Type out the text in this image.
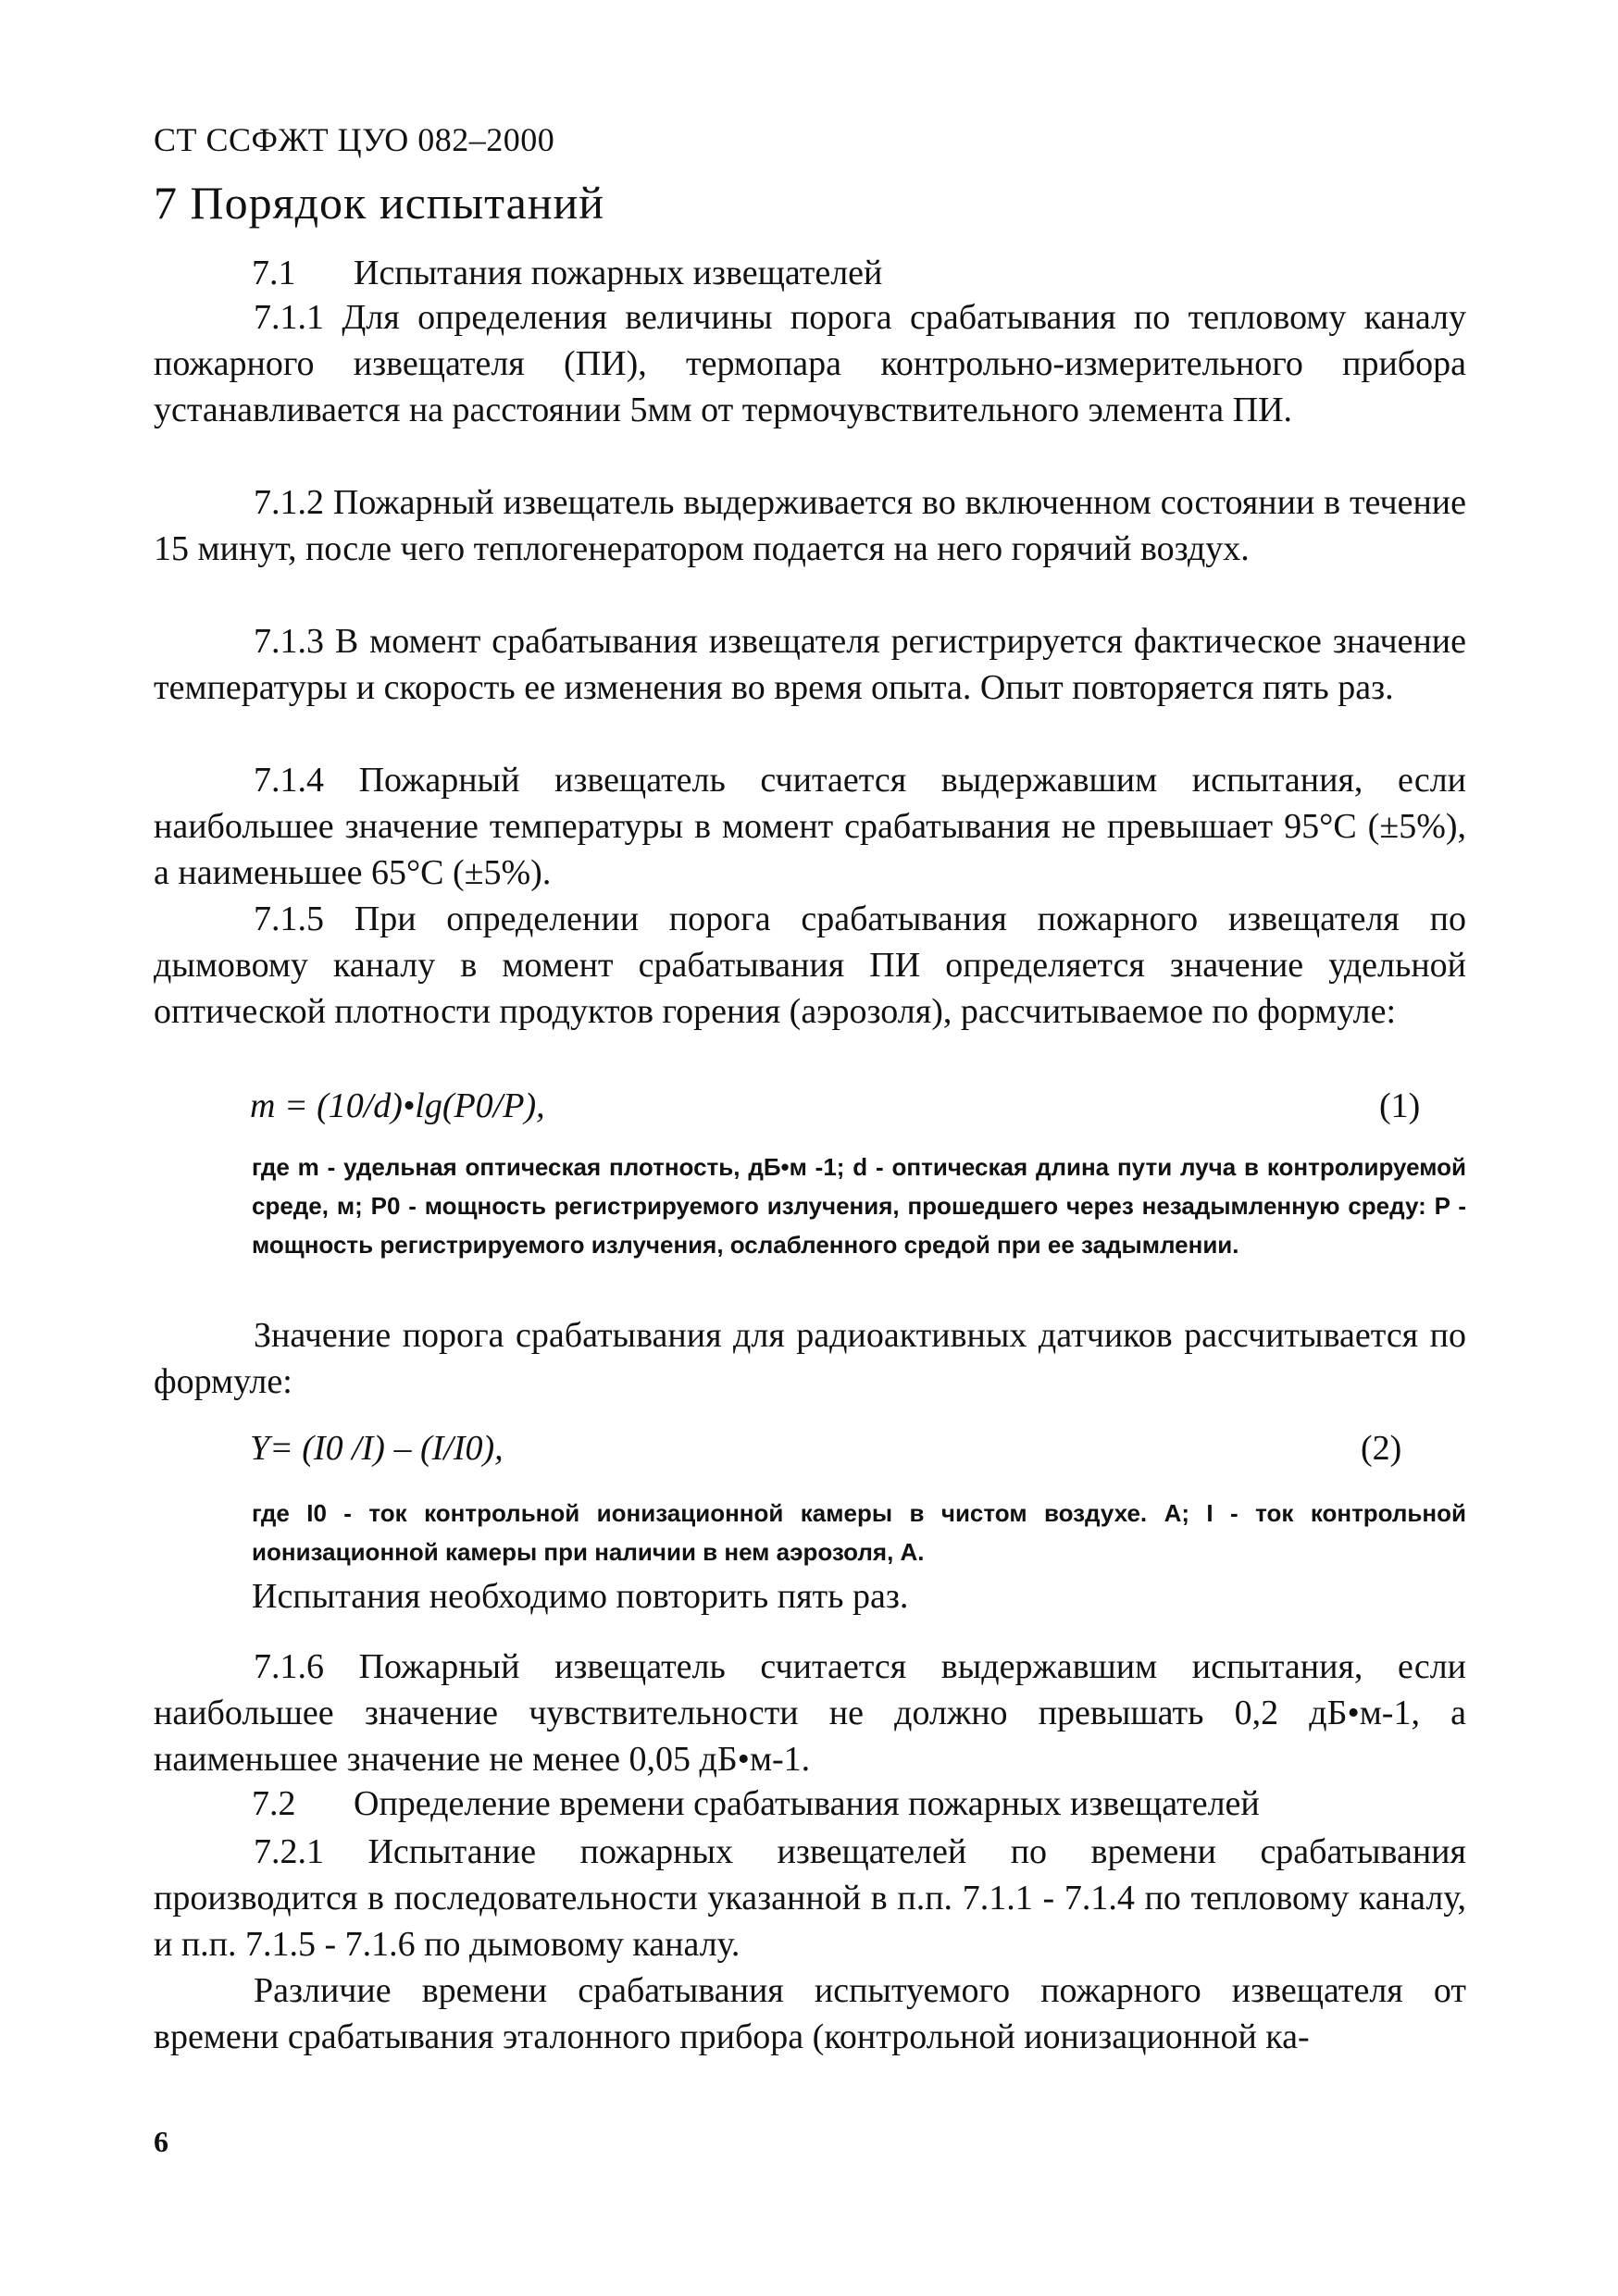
СТ ССФЖТ ЦУО 082–2000
7 Порядок испытаний
7.1 Испытания пожарных извещателей
7.1.1 Для определения величины порога срабатывания по тепловому каналу пожарного извещателя (ПИ), термопара контрольно-измерительного прибора устанавливается на расстоянии 5мм от термочувствительного элемента ПИ.
7.1.2 Пожарный извещатель выдерживается во включенном состоянии в течение 15 минут, после чего теплогенератором подается на него горячий воздух.
7.1.3 В момент срабатывания извещателя регистрируется фактическое значение температуры и скорость ее изменения во время опыта. Опыт повторяется пять раз.
7.1.4 Пожарный извещатель считается выдержавшим испытания, если наибольшее значение температуры в момент срабатывания не превышает 95°С (±5%), а наименьшее 65°С (±5%).
7.1.5 При определении порога срабатывания пожарного извещателя по дымовому каналу в момент срабатывания ПИ определяется значение удельной оптической плотности продуктов горения (аэрозоля), рассчитываемое по формуле:
m = (10/d)•lg(P0/P),	(1)
где m - удельная оптическая плотность, дБ•м -1; d - оптическая длина пути луча в контролируемой среде, м; P0 - мощность регистрируемого излучения, прошедшего через незадымленную среду: P - мощность регистрируемого излучения, ослабленного средой при ее задымлении.
Значение порога срабатывания для радиоактивных датчиков рассчитывается по формуле:
Y= (I0 /I) – (I/I0),	(2)
где I0 - ток контрольной ионизационной камеры в чистом воздухе. А; I - ток контрольной ионизационной камеры при наличии в нем аэрозоля, А.
Испытания необходимо повторить пять раз.
7.1.6 Пожарный извещатель считается выдержавшим испытания, если наибольшее значение чувствительности не должно превышать 0,2 дБ•м-1, а наименьшее значение не менее 0,05 дБ•м-1.
7.2 Определение времени срабатывания пожарных извещателей
7.2.1 Испытание пожарных извещателей по времени срабатывания производится в последовательности указанной в п.п. 7.1.1 - 7.1.4 по тепловому каналу, и п.п. 7.1.5 - 7.1.6 по дымовому каналу.
Различие времени срабатывания испытуемого пожарного извещателя от времени срабатывания эталонного прибора (контрольной ионизационной ка-
6
